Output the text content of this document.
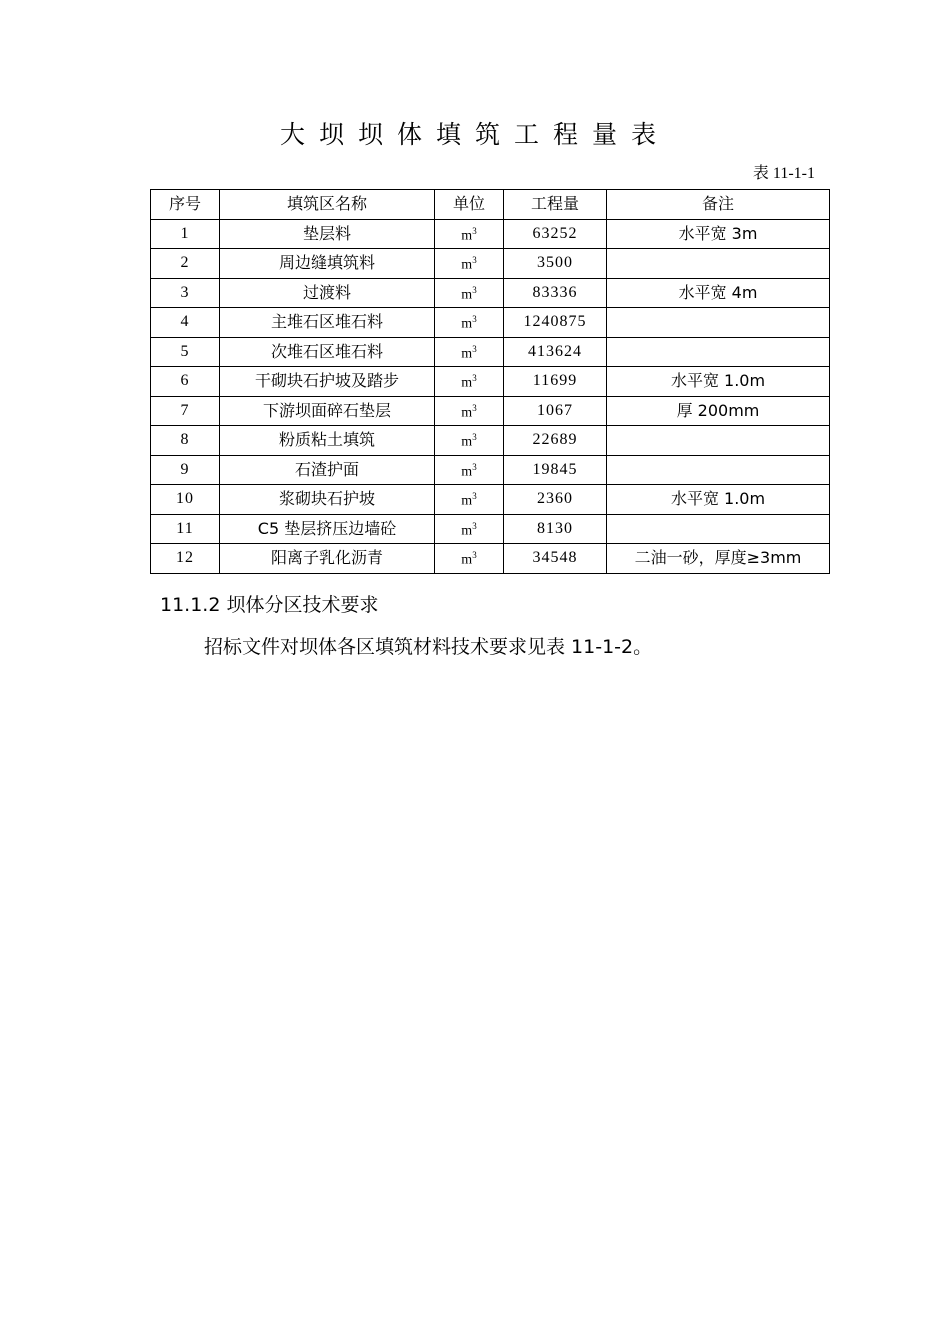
大坝坝体填筑工程量表
表 11-1-1
序号	填筑区名称	单位	工程量	备注
1	垫层料	$m^3$	63252	水平宽 3m
2	周边缝填筑料	$m^3$	3500	
3	过渡料	$m^3$	83336	水平宽 4m
4	主堆石区堆石料	$m^3$	1240875	
5	次堆石区堆石料	$m^3$	413624	
6	干砌块石护坡及踏步	$m^3$	11699	水平宽 1.0m
7	下游坝面碎石垫层	$m^3$	1067	厚 200mm
8	粉质粘土填筑	$m^3$	22689	
9	石渣护面	$m^3$	19845	
10	浆砌块石护坡	$m^3$	2360	水平宽 1.0m
11	C5 垫层挤压边墙砼	$m^3$	8130	
12	阳离子乳化沥青	$m^3$	34548	二油一砂，厚度≥3mm
11.1.2 坝体分区技术要求
招标文件对坝体各区填筑材料技术要求见表 11-1-2。
